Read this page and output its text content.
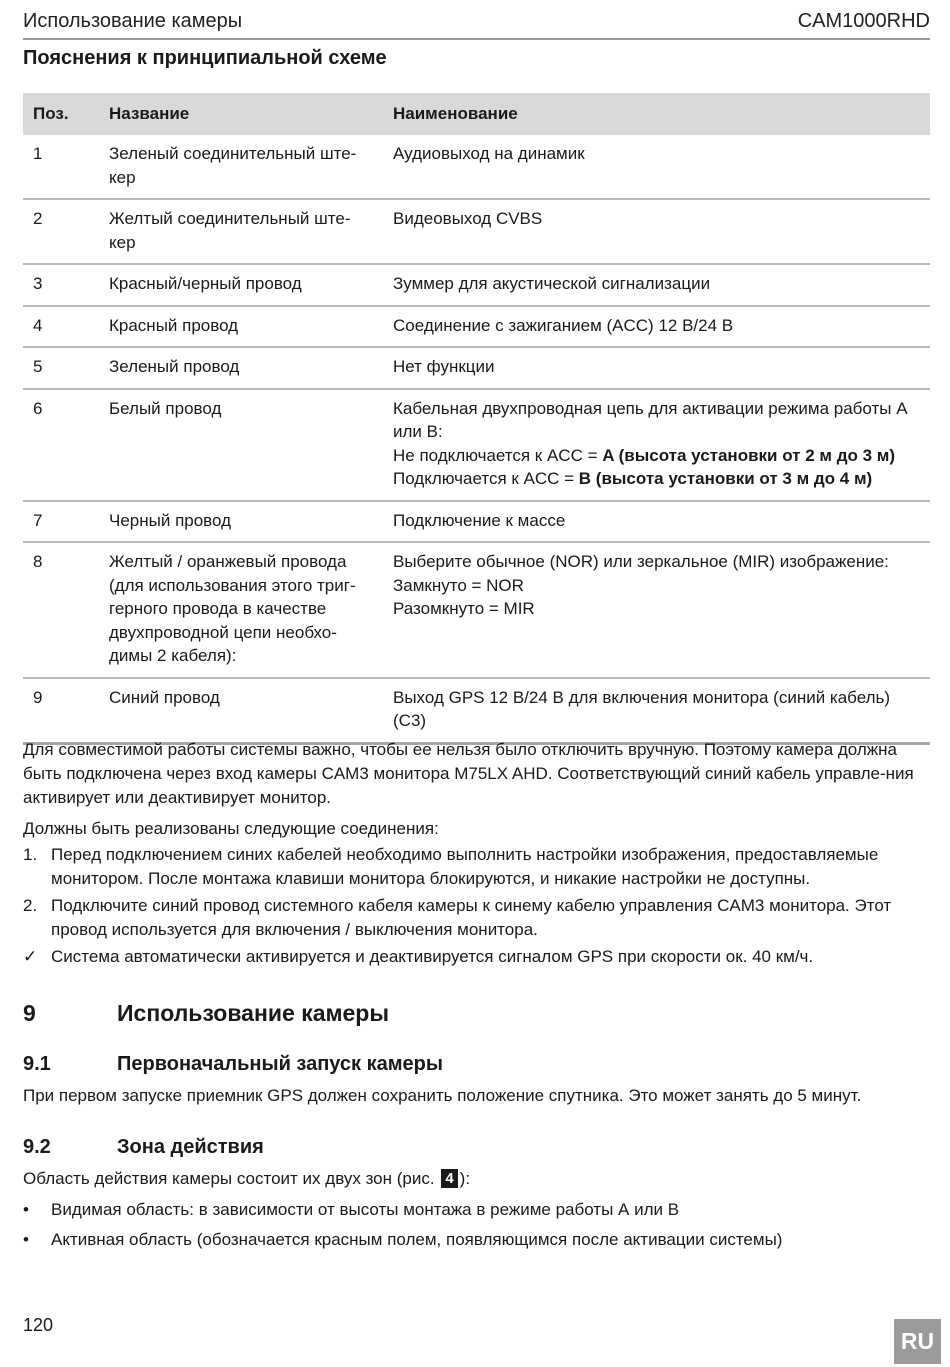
Использование камеры	CAM1000RHD
Пояснения к принципиальной схеме
Поз.	Название	Наименование
1	Зеленый соединительный ште-кер	Аудиовыход на динамик
2	Желтый соединительный ште-кер	Видеовыход CVBS
3	Красный/черный провод	Зуммер для акустической сигнализации
4	Красный провод	Соединение с зажиганием (ACC) 12 В/24 В
5	Зеленый провод	Нет функции
6	Белый провод	Кабельная двухпроводная цепь для активации режима работы А или В:
Не подключается к ACC = A (высота установки от 2 м до 3 м)
Подключается к ACC = B (высота установки от 3 м до 4 м)

7	Черный провод	Подключение к массе
8	Желтый / оранжевый провода (для использования этого триг-герного провода в качестве двухпроводной цепи необхо-димы 2 кабеля):	Выберите обычное (NOR) или зеркальное (MIR) изображение:
Замкнуто = NOR
Разомкнуто = MIR

9	Синий провод	Выход GPS 12 В/24 В для включения монитора (синий кабель) (C3)

Для совместимой работы системы важно, чтобы ее нельзя было отключить вручную. Поэтому камера должна быть подключена через вход камеры CAM3 монитора M75LX AHD. Соответствующий синий кабель управле-ния активирует или деактивирует монитор.

Должны быть реализованы следующие соединения:

1. Перед подключением синих кабелей необходимо выполнить настройки изображения, предоставляемые монитором. После монтажа клавиши монитора блокируются, и никакие настройки не доступны.
2. Подключите синий провод системного кабеля камеры к синему кабелю управления CAM3 монитора. Этот провод используется для включения / выключения монитора.
✓ Система автоматически активируется и деактивируется сигналом GPS при скорости ок. 40 км/ч.
9	Использование камеры
9.1	Первоначальный запуск камеры

При первом запуске приемник GPS должен сохранить положение спутника. Это может занять до 5 минут.

9.2	Зона действия

Область действия камеры состоит их двух зон (рис. 4 ):

•	Видимая область: в зависимости от высоты монтажа в режиме работы А или В
•	Активная область (обозначается красным полем, появляющимся после активации системы)
120
RU
